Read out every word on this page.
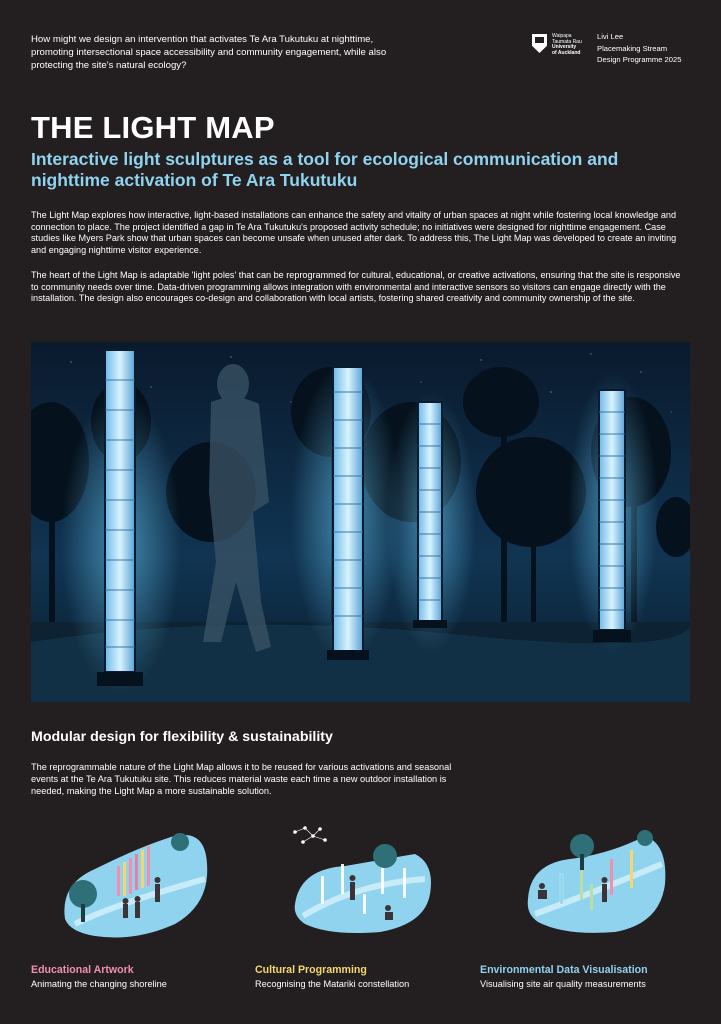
How might we design an intervention that activates Te Ara Tukutuku at nighttime, promoting intersectional space accessibility and community engagement, while also protecting the site's natural ecology?
Waipapa
Taumata Rau
University
of Auckland
Livi Lee
Placemaking Stream
Design Programme 2025
THE LIGHT MAP
Interactive light sculptures as a tool for ecological communication and nighttime activation of Te Ara Tukutuku

The Light Map explores how interactive, light-based installations can enhance the safety and vitality of urban spaces at night while fostering local knowledge and connection to place. The project identified a gap in Te Ara Tukutuku's proposed activity schedule; no initiatives were designed for nighttime engagement. Case studies like Myers Park show that urban spaces can become unsafe when unused after dark. To address this, The Light Map was developed to create an inviting and engaging nighttime visitor experience.

The heart of the Light Map is adaptable 'light poles' that can be reprogrammed for cultural, educational, or creative activations, ensuring that the site is responsive to community needs over time. Data-driven programming allows integration with environmental and interactive sensors so visitors can engage directly with the installation. The design also encourages co-design and collaboration with local artists, fostering shared creativity and community ownership of the site.

Modular design for flexibility & sustainability

The reprogrammable nature of the Light Map allows it to be reused for various activations and seasonal events at the Te Ara Tukutuku site. This reduces material waste each time a new outdoor installation is needed, making the Light Map a more sustainable solution.

Educational Artwork

Animating the changing shoreline

Cultural Programming

Recognising the Matariki constellation

Environmental Data Visualisation

Visualising site air quality measurements
